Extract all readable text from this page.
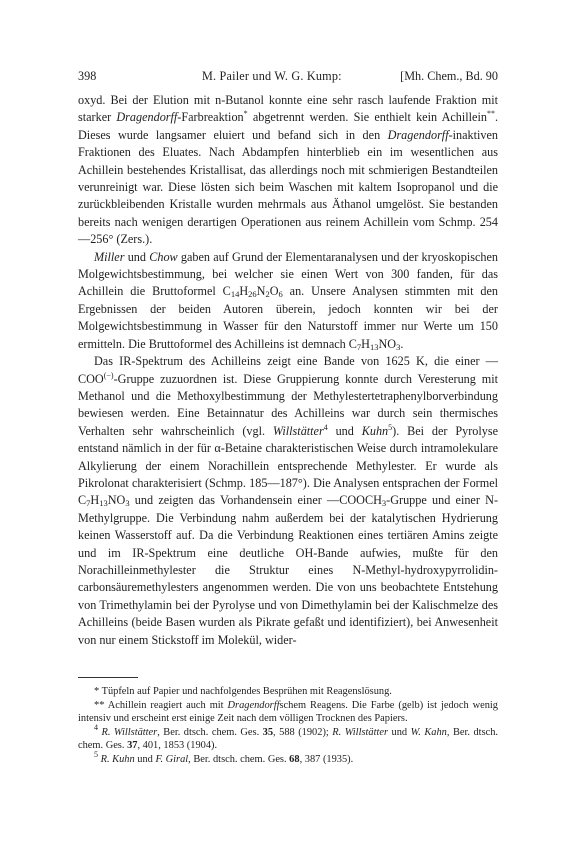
398	M. Pailer und W. G. Kump:	[Mh. Chem., Bd. 90

oxyd. Bei der Elution mit n-Butanol konnte eine sehr rasch laufende Fraktion mit starker Dragendorff-Farbreaktion* abgetrennt werden. Sie enthielt kein Achillein**. Dieses wurde langsamer eluiert und befand sich in den Dragendorff-inaktiven Fraktionen des Eluates. Nach Abdampfen hinterblieb ein im wesentlichen aus Achillein bestehendes Kristallisat, das allerdings noch mit schmierigen Bestandteilen verunreinigt war. Diese lösten sich beim Waschen mit kaltem Isopropanol und die zurückbleibenden Kristalle wurden mehrmals aus Äthanol umgelöst. Sie bestanden bereits nach wenigen derartigen Operationen aus reinem Achillein vom Schmp. 254—256° (Zers.).

Miller und Chow gaben auf Grund der Elementaranalysen und der kryoskopischen Molgewichtsbestimmung, bei welcher sie einen Wert von 300 fanden, für das Achillein die Bruttoformel $C_{14}H_{26}N_2O_6$ an. Unsere Analysen stimmten mit den Ergebnissen der beiden Autoren überein, jedoch konnten wir bei der Molgewichtsbestimmung in Wasser für den Naturstoff immer nur Werte um 150 ermitteln. Die Bruttoformel des Achilleins ist demnach $C_7H_{13}NO_3$.

Das IR-Spektrum des Achilleins zeigt eine Bande von 1625 K, die einer —COO(−)-Gruppe zuzuordnen ist. Diese Gruppierung konnte durch Veresterung mit Methanol und die Methoxylbestimmung der Methylestertetraphenylborverbindung bewiesen werden. Eine Betainnatur des Achilleins war durch sein thermisches Verhalten sehr wahrscheinlich (vgl. Willstätter$^4$ und Kuhn$^5$). Bei der Pyrolyse entstand nämlich in der für α-Betaine charakteristischen Weise durch intramolekulare Alkylierung der einem Norachillein entsprechende Methylester. Er wurde als Pikrolonat charakterisiert (Schmp. 185—187°). Die Analysen entsprachen der Formel $C_7H_{13}NO_3$ und zeigten das Vorhandensein einer $—COOCH_3$-Gruppe und einer N-Methylgruppe. Die Verbindung nahm außerdem bei der katalytischen Hydrierung keinen Wasserstoff auf. Da die Verbindung Reaktionen eines tertiären Amins zeigte und im IR-Spektrum eine deutliche OH-Bande aufwies, mußte für den Norachilleinmethylester die Struktur eines N-Methyl-hydroxypyrrolidin-carbonsäuremethylesters angenommen werden. Die von uns beobachtete Entstehung von Trimethylamin bei der Pyrolyse und von Dimethylamin bei der Kalischmelze des Achilleins (beide Basen wurden als Pikrate gefaßt und identifiziert), bei Anwesenheit von nur einem Stickstoff im Molekül, wider-

* Tüpfeln auf Papier und nachfolgendes Besprühen mit Reagenslösung.

** Achillein reagiert auch mit Dragendorffschem Reagens. Die Farbe (gelb) ist jedoch wenig intensiv und erscheint erst einige Zeit nach dem völligen Trocknen des Papiers.

$^4$ R. Willstätter, Ber. dtsch. chem. Ges. 35, 588 (1902); R. Willstätter und W. Kahn, Ber. dtsch. chem. Ges. 37, 401, 1853 (1904).

$^5$ R. Kuhn und F. Giral, Ber. dtsch. chem. Ges. 68, 387 (1935).
